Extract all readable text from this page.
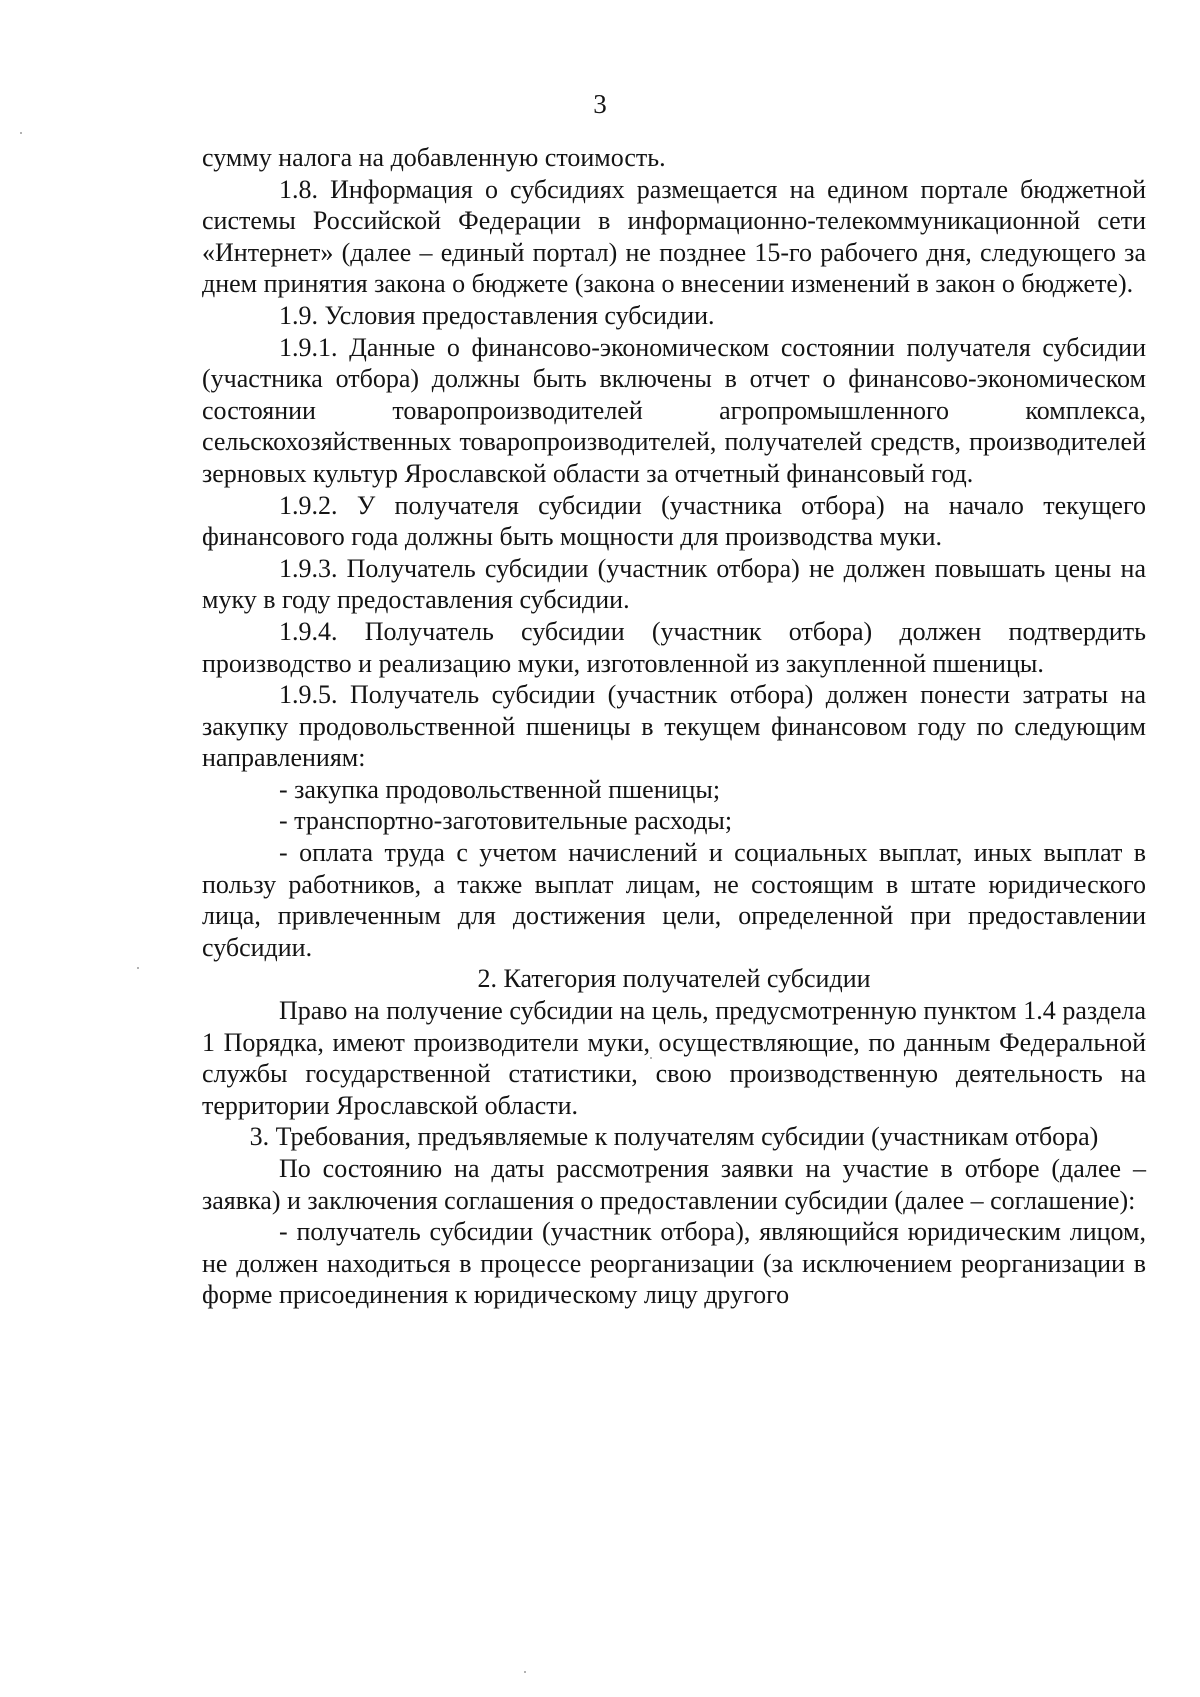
3

сумму налога на добавленную стоимость.

1.8. Информация о субсидиях размещается на едином портале бюджетной системы Российской Федерации в информационно-телекоммуникационной сети «Интернет» (далее – единый портал) не позднее 15-го рабочего дня, следующего за днем принятия закона о бюджете (закона о внесении изменений в закон о бюджете).

1.9. Условия предоставления субсидии.

1.9.1. Данные о финансово-экономическом состоянии получателя субсидии (участника отбора) должны быть включены в отчет о финансово-экономическом состоянии товаропроизводителей агропромышленного комплекса, сельскохозяйственных товаропроизводителей, получателей средств, производителей зерновых культур Ярославской области за отчетный финансовый год.

1.9.2. У получателя субсидии (участника отбора) на начало текущего финансового года должны быть мощности для производства муки.

1.9.3. Получатель субсидии (участник отбора) не должен повышать цены на муку в году предоставления субсидии.

1.9.4. Получатель субсидии (участник отбора) должен подтвердить производство и реализацию муки, изготовленной из закупленной пшеницы.

1.9.5. Получатель субсидии (участник отбора) должен понести затраты на закупку продовольственной пшеницы в текущем финансовом году по следующим направлениям:

- закупка продовольственной пшеницы;

- транспортно-заготовительные расходы;

- оплата труда с учетом начислений и социальных выплат, иных выплат в пользу работников, а также выплат лицам, не состоящим в штате юридического лица, привлеченным для достижения цели, определенной при предоставлении субсидии.

2. Категория получателей субсидии

Право на получение субсидии на цель, предусмотренную пунктом 1.4 раздела 1 Порядка, имеют производители муки, осуществляющие, по данным Федеральной службы государственной статистики, свою производственную деятельность на территории Ярославской области.

3. Требования, предъявляемые к получателям субсидии (участникам отбора)

По состоянию на даты рассмотрения заявки на участие в отборе (далее – заявка) и заключения соглашения о предоставлении субсидии (далее – соглашение):

- получатель субсидии (участник отбора), являющийся юридическим лицом, не должен находиться в процессе реорганизации (за исключением реорганизации в форме присоединения к юридическому лицу другого
